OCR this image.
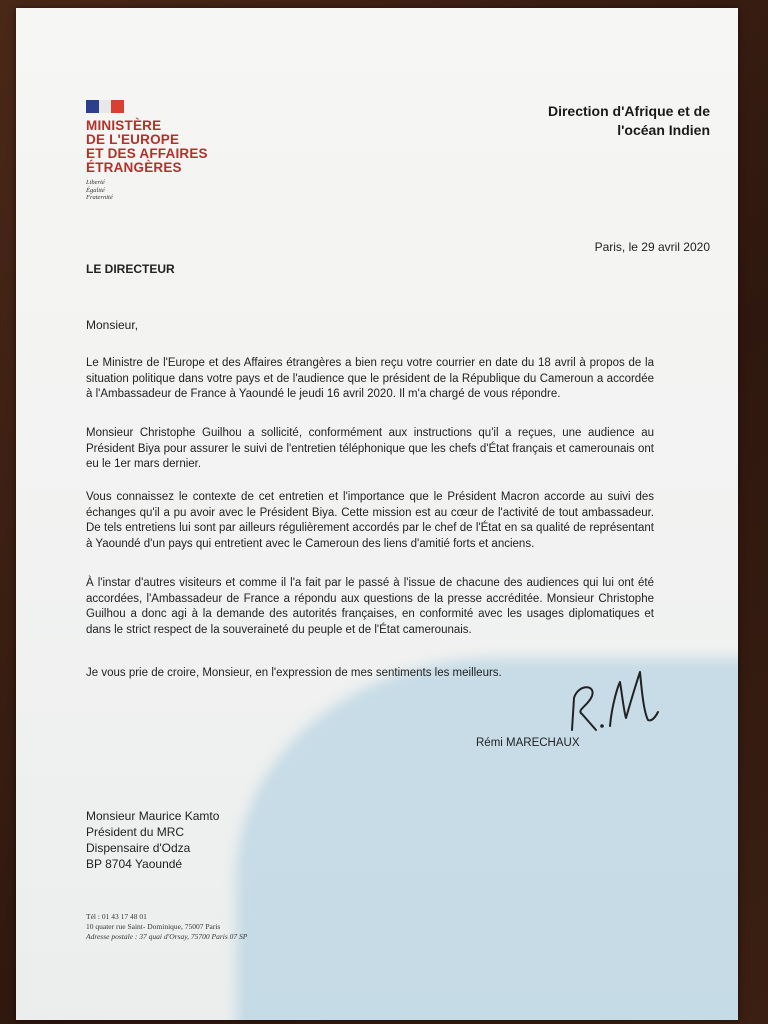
MINISTÈRE
DE L'EUROPE
ET DES AFFAIRES
ÉTRANGÈRES
Liberté
Égalité
Fraternité
Direction d'Afrique et de
l'océan Indien
Paris, le 29 avril 2020
LE DIRECTEUR
Monsieur,
Le Ministre de l'Europe et des Affaires étrangères a bien reçu votre courrier en date du 18 avril à propos de la situation politique dans votre pays et de l'audience que le président de la République du Cameroun a accordée à l'Ambassadeur de France à Yaoundé le jeudi 16 avril 2020. Il m'a chargé de vous répondre.
Monsieur Christophe Guilhou a sollicité, conformément aux instructions qu'il a reçues, une audience au Président Biya pour assurer le suivi de l'entretien téléphonique que les chefs d'État français et camerounais ont eu le 1er mars dernier.
Vous connaissez le contexte de cet entretien et l'importance que le Président Macron accorde au suivi des échanges qu'il a pu avoir avec le Président Biya. Cette mission est au cœur de l'activité de tout ambassadeur. De tels entretiens lui sont par ailleurs régulièrement accordés par le chef de l'État en sa qualité de représentant à Yaoundé d'un pays qui entretient avec le Cameroun des liens d'amitié forts et anciens.
À l'instar d'autres visiteurs et comme il l'a fait par le passé à l'issue de chacune des audiences qui lui ont été accordées, l'Ambassadeur de France a répondu aux questions de la presse accréditée. Monsieur Christophe Guilhou a donc agi à la demande des autorités françaises, en conformité avec les usages diplomatiques et dans le strict respect de la souveraineté du peuple et de l'État camerounais.
Je vous prie de croire, Monsieur, en l'expression de mes sentiments les meilleurs.
Rémi MARECHAUX
Monsieur Maurice Kamto
Président du MRC
Dispensaire d'Odza
BP 8704 Yaoundé
Tél : 01 43 17 48 01
10 quater rue Saint- Dominique, 75007 Paris
Adresse postale : 37 quai d'Orsay, 75700 Paris 07 SP
